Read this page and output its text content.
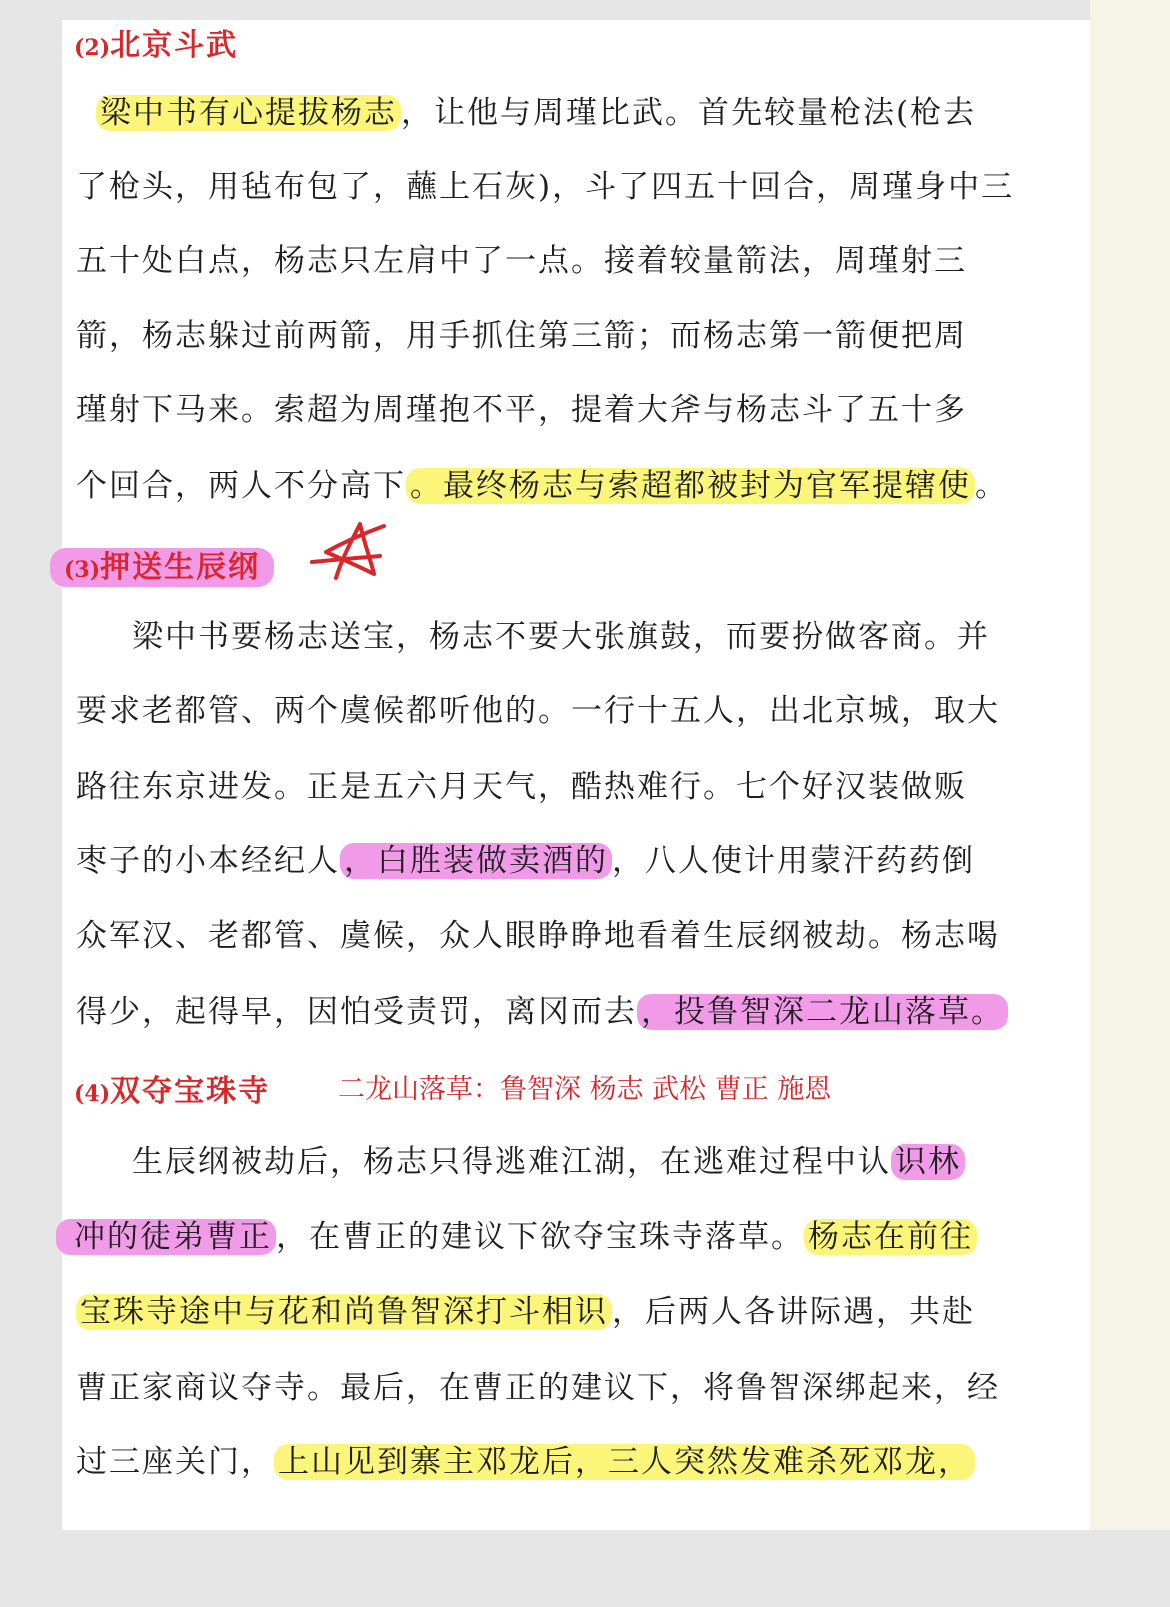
(2)北京斗武
梁中书有心提拔杨志 ，让他与周瑾比武。首先较量枪法(枪去
了枪头，用毡布包了，蘸上石灰)，斗了四五十回合，周瑾身中三
五十处白点，杨志只左肩中了一点。接着较量箭法，周瑾射三
箭，杨志躲过前两箭，用手抓住第三箭；而杨志第一箭便把周
瑾射下马来。索超为周瑾抱不平，提着大斧与杨志斗了五十多
个回合，两人不分高下 。最终杨志与索超都被封为官军提辖使 。
(3)押送生辰纲
梁中书要杨志送宝，杨志不要大张旗鼓，而要扮做客商。并
要求老都管、两个虞候都听他的。一行十五人，出北京城，取大
路往东京进发。正是五六月天气，酷热难行。七个好汉装做贩
枣子的小本经纪人 ，白胜装做卖酒的 ，八人使计用蒙汗药药倒
众军汉、老都管、虞候，众人眼睁睁地看着生辰纲被劫。杨志喝
得少，起得早，因怕受责罚，离冈而去 ，投鲁智深二龙山落草。
(4)双夺宝珠寺	二龙山落草：鲁智深 杨志 武松 曹正 施恩
生辰纲被劫后，杨志只得逃难江湖，在逃难过程中认 识林
冲的徒弟曹正 ，在曹正的建议下欲夺宝珠寺落草。 杨志在前往
宝珠寺途中与花和尚鲁智深打斗相识 ，后两人各讲际遇，共赴
曹正家商议夺寺。最后，在曹正的建议下，将鲁智深绑起来，经
过三座关门， 上山见到寨主邓龙后，三人突然发难杀死邓龙，
